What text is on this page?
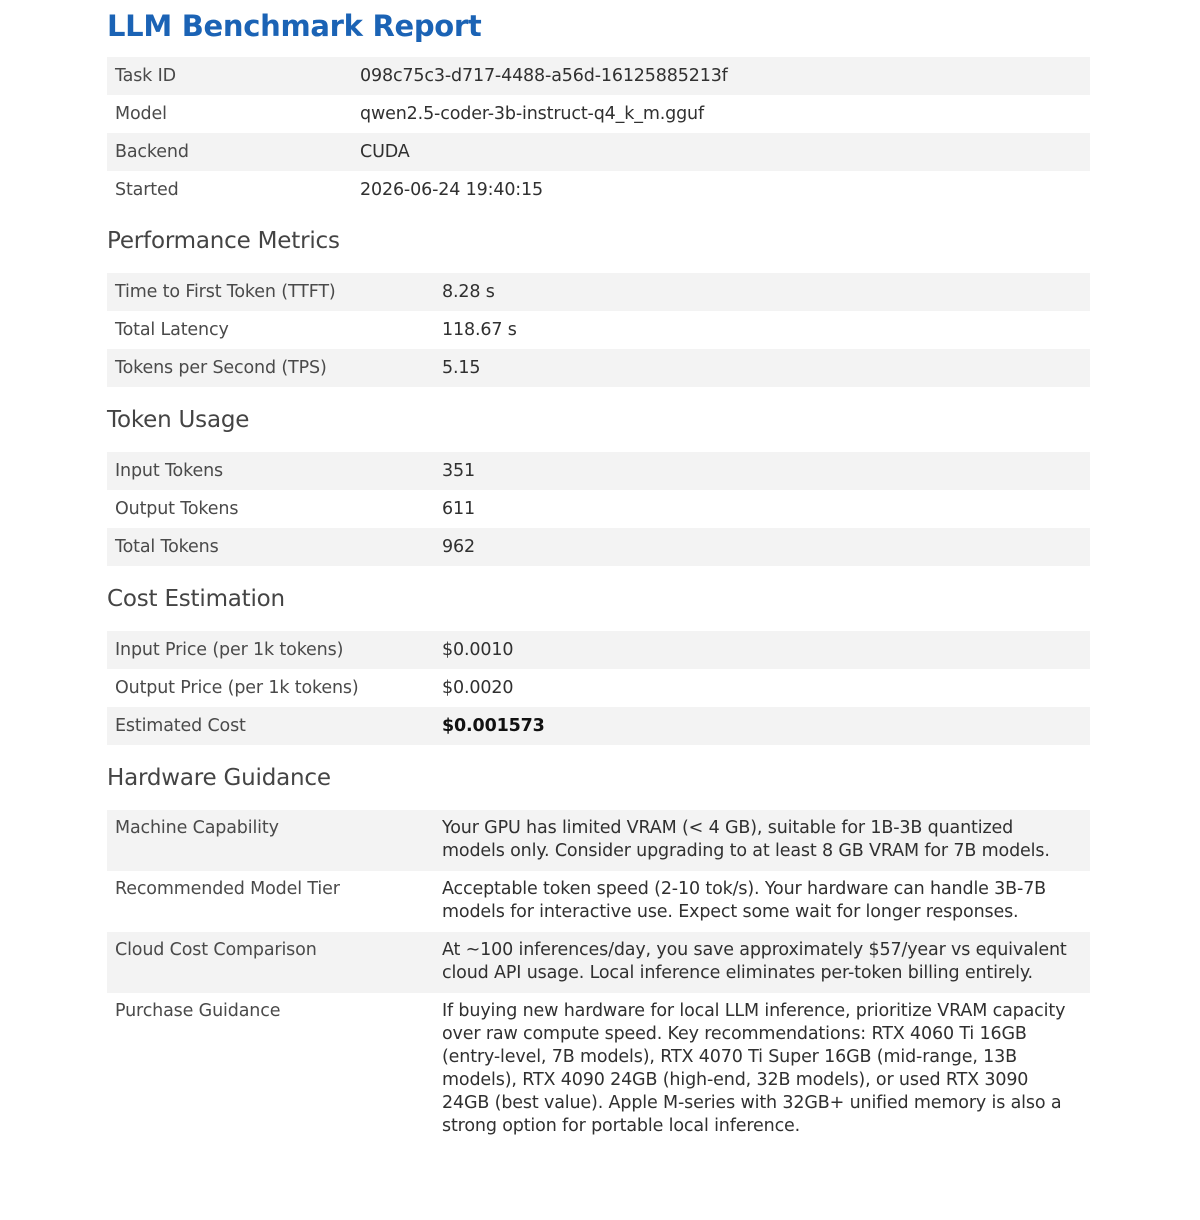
LLM Benchmark Report
Task ID	098c75c3-d717-4488-a56d-16125885213f
Model	qwen2.5-coder-3b-instruct-q4_k_m.gguf
Backend	CUDA
Started	2026-06-24 19:40:15
Performance Metrics
Time to First Token (TTFT)	8.28 s
Total Latency	118.67 s
Tokens per Second (TPS)	5.15
Token Usage
Input Tokens	351
Output Tokens	611
Total Tokens	962
Cost Estimation
Input Price (per 1k tokens)	$0.0010
Output Price (per 1k tokens)	$0.0020
Estimated Cost	$0.001573
Hardware Guidance
Machine Capability	Your GPU has limited VRAM (< 4 GB), suitable for 1B-3B quantized models only. Consider upgrading to at least 8 GB VRAM for 7B models.
Recommended Model Tier	Acceptable token speed (2-10 tok/s). Your hardware can handle 3B-7B models for interactive use. Expect some wait for longer responses.
Cloud Cost Comparison	At ~100 inferences/day, you save approximately $57/year vs equivalent cloud API usage. Local inference eliminates per-token billing entirely.
Purchase Guidance	If buying new hardware for local LLM inference, prioritize VRAM capacity over raw compute speed. Key recommendations: RTX 4060 Ti 16GB (entry-level, 7B models), RTX 4070 Ti Super 16GB (mid-range, 13B models), RTX 4090 24GB (high-end, 32B models), or used RTX 3090 24GB (best value). Apple M-series with 32GB+ unified memory is also a strong option for portable local inference.
